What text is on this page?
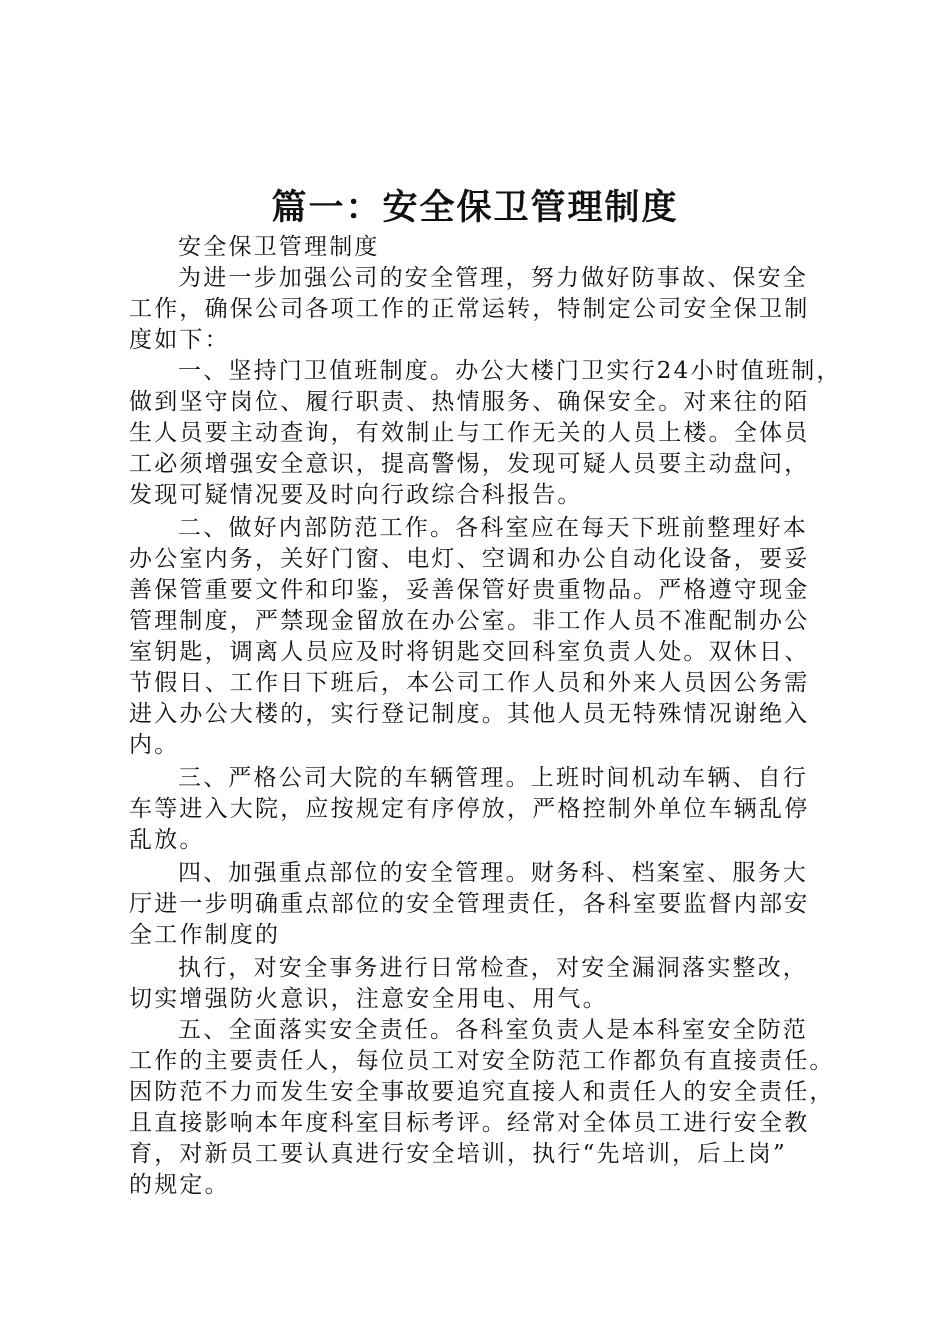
篇一：安全保卫管理制度
安全保卫管理制度
为进一步加强公司的安全管理，努力做好防事故、保安全
工作，确保公司各项工作的正常运转，特制定公司安全保卫制
度如下：
一、坚持门卫值班制度。办公大楼门卫实行24小时值班制，
做到坚守岗位、履行职责、热情服务、确保安全。对来往的陌
生人员要主动查询，有效制止与工作无关的人员上楼。全体员
工必须增强安全意识，提高警惕，发现可疑人员要主动盘问，
发现可疑情况要及时向行政综合科报告。
二、做好内部防范工作。各科室应在每天下班前整理好本
办公室内务，关好门窗、电灯、空调和办公自动化设备，要妥
善保管重要文件和印鉴，妥善保管好贵重物品。严格遵守现金
管理制度，严禁现金留放在办公室。非工作人员不准配制办公
室钥匙，调离人员应及时将钥匙交回科室负责人处。双休日、
节假日、工作日下班后，本公司工作人员和外来人员因公务需
进入办公大楼的，实行登记制度。其他人员无特殊情况谢绝入
内。
三、严格公司大院的车辆管理。上班时间机动车辆、自行
车等进入大院，应按规定有序停放，严格控制外单位车辆乱停
乱放。
四、加强重点部位的安全管理。财务科、档案室、服务大
厅进一步明确重点部位的安全管理责任，各科室要监督内部安
全工作制度的
执行，对安全事务进行日常检查，对安全漏洞落实整改，
切实增强防火意识，注意安全用电、用气。
五、全面落实安全责任。各科室负责人是本科室安全防范
工作的主要责任人，每位员工对安全防范工作都负有直接责任。
因防范不力而发生安全事故要追究直接人和责任人的安全责任，
且直接影响本年度科室目标考评。经常对全体员工进行安全教
育，对新员工要认真进行安全培训，执行“先培训，后上岗”
的规定。
